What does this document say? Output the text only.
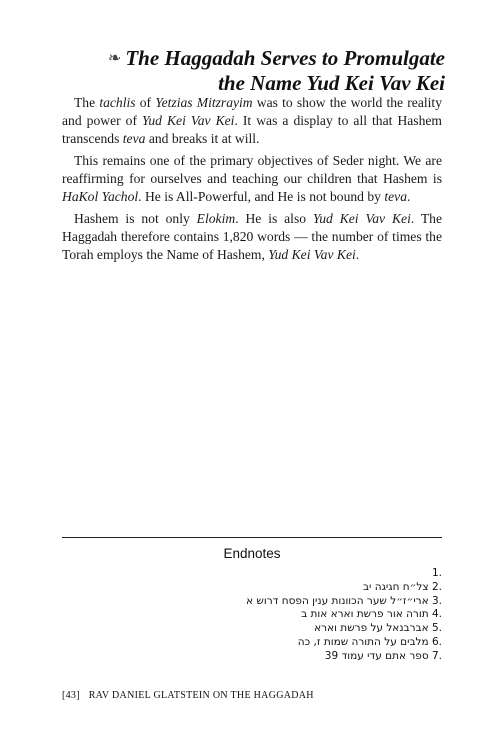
❧ The Haggadah Serves to Promulgate
the Name Yud Kei Vav Kei

The tachlis of Yetzias Mitzrayim was to show the world the reality and power of Yud Kei Vav Kei. It was a display to all that Hashem transcends teva and breaks it at will.

This remains one of the primary objectives of Seder night. We are reaffirming for ourselves and teaching our children that Hashem is HaKol Yachol. He is All-Powerful, and He is not bound by teva.

Hashem is not only Elokim. He is also Yud Kei Vav Kei. The Haggadah therefore contains 1,820 words — the number of times the Torah employs the Name of Hashem, Yud Kei Vav Kei.

Endnotes
.1
.2 צל״ח חגיגה יב
.3 ארי״ז״ל שער הכוונות ענין הפסח דרוש א
.4 תורה אור פרשת וארא אות ב
.5 אברבנאל על פרשת וארא
.6 מלבים על התורה שמות ז, כה
.7 ספר אתם עדי עמוד 39
[43] RAV DANIEL GLATSTEIN ON THE HAGGADAH
